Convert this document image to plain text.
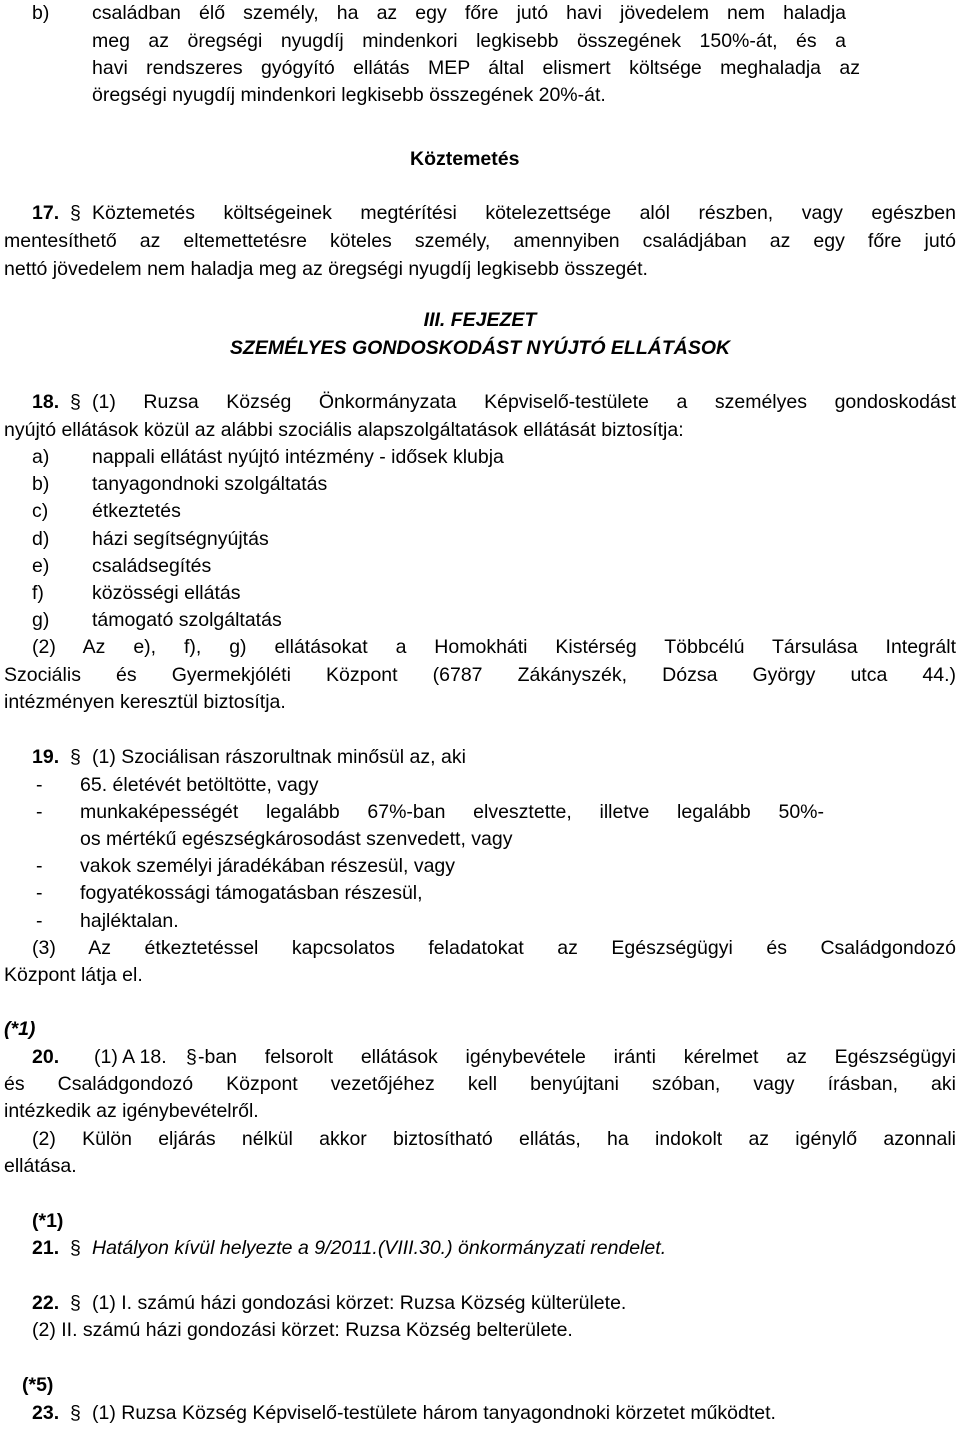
b) családban élő személy, ha az egy főre jutó havi jövedelem nem haladja
meg az öregségi nyugdíj mindenkori legkisebb összegének 150%-át, és a
havi rendszeres gyógyító ellátás MEP által elismert költsége meghaladja az
öregségi nyugdíj mindenkori legkisebb összegének 20%-át.
Köztemetés
17. § Köztemetés költségeinek megtérítési kötelezettsége alól részben, vagy egészben
mentesíthető az eltemettetésre köteles személy, amennyiben családjában az egy főre jutó
nettó jövedelem nem haladja meg az öregségi nyugdíj legkisebb összegét.
III. FEJEZET
SZEMÉLYES GONDOSKODÁST NYÚJTÓ ELLÁTÁSOK
18. § (1) Ruzsa Község Önkormányzata Képviselő-testülete a személyes gondoskodást
nyújtó ellátások közül az alábbi szociális alapszolgáltatások ellátását biztosítja:
a) nappali ellátást nyújtó intézmény - idősek klubja
b) tanyagondnoki szolgáltatás
c) étkeztetés
d) házi segítségnyújtás
e) családsegítés
f) közösségi ellátás
g) támogató szolgáltatás
(2) Az e), f), g) ellátásokat a Homokháti Kistérség Többcélú Társulása Integrált
Szociális és Gyermekjóléti Központ (6787 Zákányszék, Dózsa György utca 44.)
intézményen keresztül biztosítja.
19. § (1) Szociálisan rászorultnak minősül az, aki
- 65. életévét betöltötte, vagy
- munkaképességét legalább 67%-ban elvesztette, illetve legalább 50%-
os mértékű egészségkárosodást szenvedett, vagy
- vakok személyi járadékában részesül, vagy
- fogyatékossági támogatásban részesül,
- hajléktalan.
(3) Az étkeztetéssel kapcsolatos feladatokat az Egészségügyi és Családgondozó
Központ látja el.
(*1)
20. (1) A 18. § -ban felsorolt ellátások igénybevétele iránti kérelmet az Egészségügyi
és Családgondozó Központ vezetőjéhez kell benyújtani szóban, vagy írásban, aki
intézkedik az igénybevételről.
(2) Külön eljárás nélkül akkor biztosítható ellátás, ha indokolt az igénylő azonnali
ellátása.
(*1)
21. § Hatályon kívül helyezte a 9/2011.(VIII.30.) önkormányzati rendelet.
22. § (1) I. számú házi gondozási körzet: Ruzsa Község külterülete.
(2) II. számú házi gondozási körzet: Ruzsa Község belterülete.
(*5)
23. § (1) Ruzsa Község Képviselő-testülete három tanyagondnoki körzetet működtet.
